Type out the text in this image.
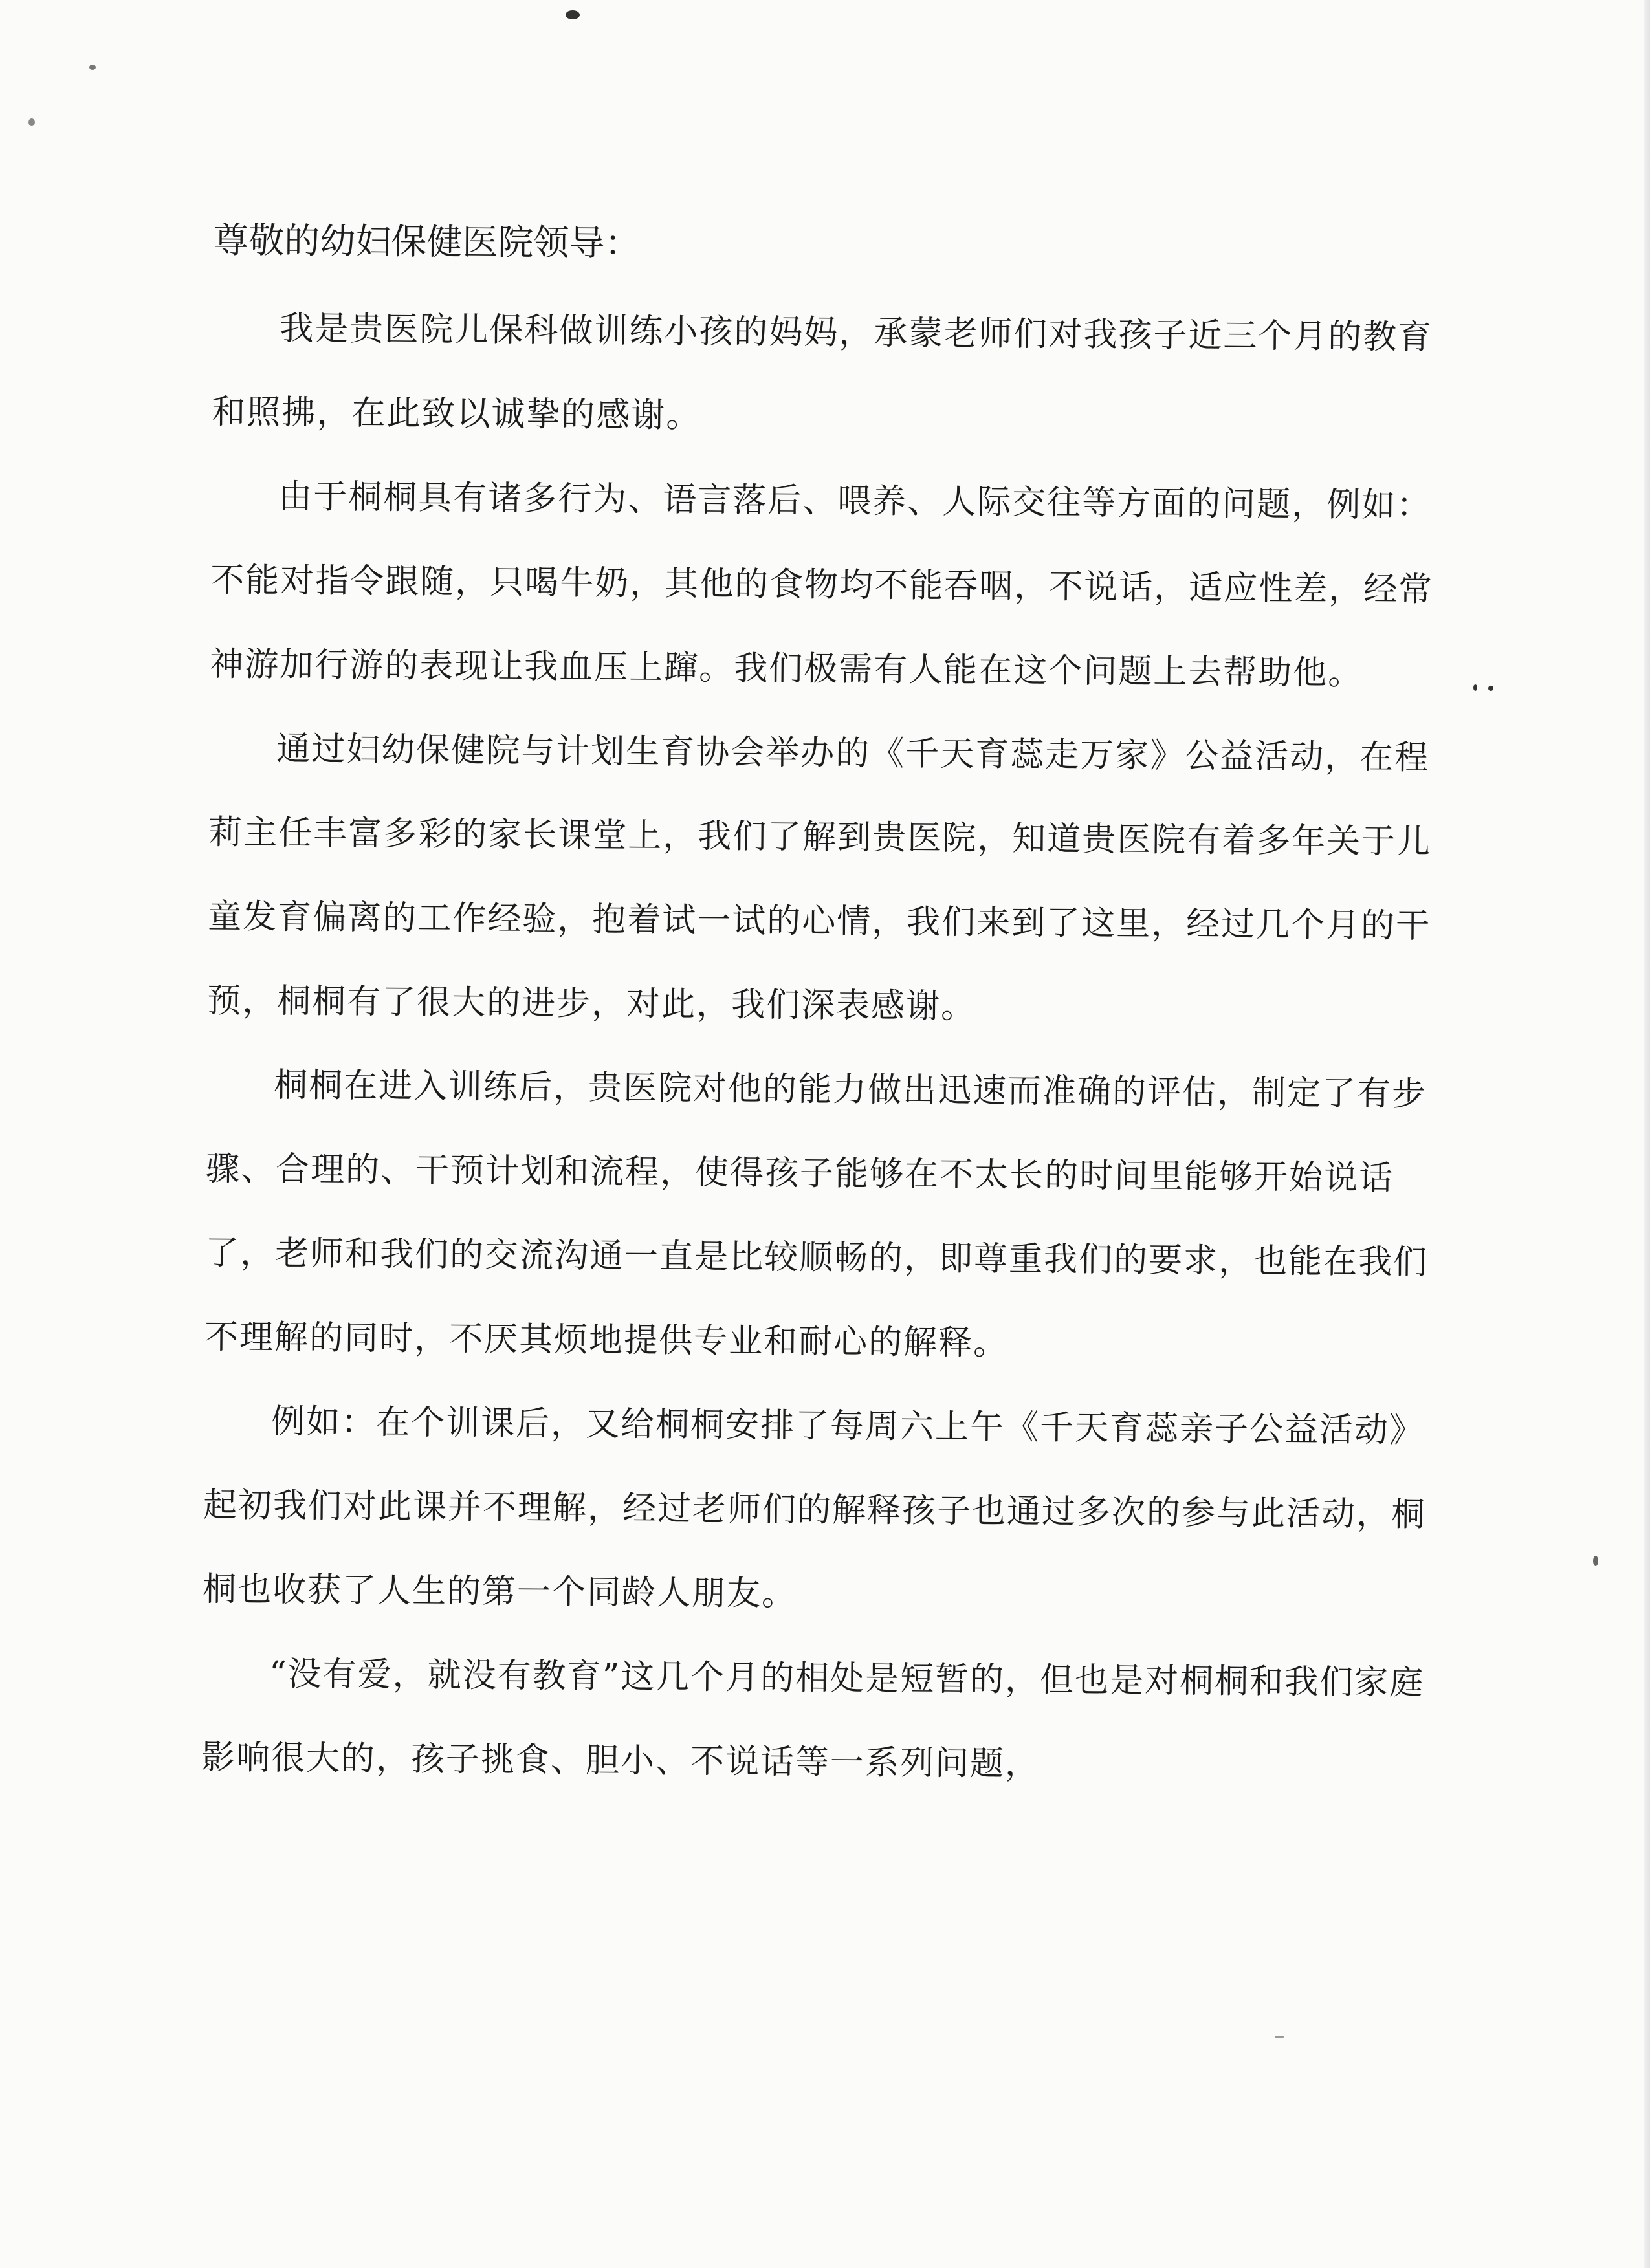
尊敬的幼妇保健医院领导：

我是贵医院儿保科做训练小孩的妈妈，承蒙老师们对我孩子近三个月的教育和照拂，在此致以诚挚的感谢。

由于桐桐具有诸多行为、语言落后、喂养、人际交往等方面的问题，例如：不能对指令跟随，只喝牛奶，其他的食物均不能吞咽，不说话，适应性差，经常神游加行游的表现让我血压上蹿。我们极需有人能在这个问题上去帮助他。

通过妇幼保健院与计划生育协会举办的《千天育蕊走万家》公益活动，在程莉主任丰富多彩的家长课堂上，我们了解到贵医院，知道贵医院有着多年关于儿童发育偏离的工作经验，抱着试一试的心情，我们来到了这里，经过几个月的干预，桐桐有了很大的进步，对此，我们深表感谢。

桐桐在进入训练后，贵医院对他的能力做出迅速而准确的评估，制定了有步骤、合理的、干预计划和流程，使得孩子能够在不太长的时间里能够开始说话了，老师和我们的交流沟通一直是比较顺畅的，即尊重我们的要求，也能在我们不理解的同时，不厌其烦地提供专业和耐心的解释。

例如：在个训课后，又给桐桐安排了每周六上午《千天育蕊亲子公益活动》起初我们对此课并不理解，经过老师们的解释孩子也通过多次的参与此活动，桐桐也收获了人生的第一个同龄人朋友。

“没有爱，就没有教育”这几个月的相处是短暂的，但也是对桐桐和我们家庭影响很大的，孩子挑食、胆小、不说话等一系列问题，
